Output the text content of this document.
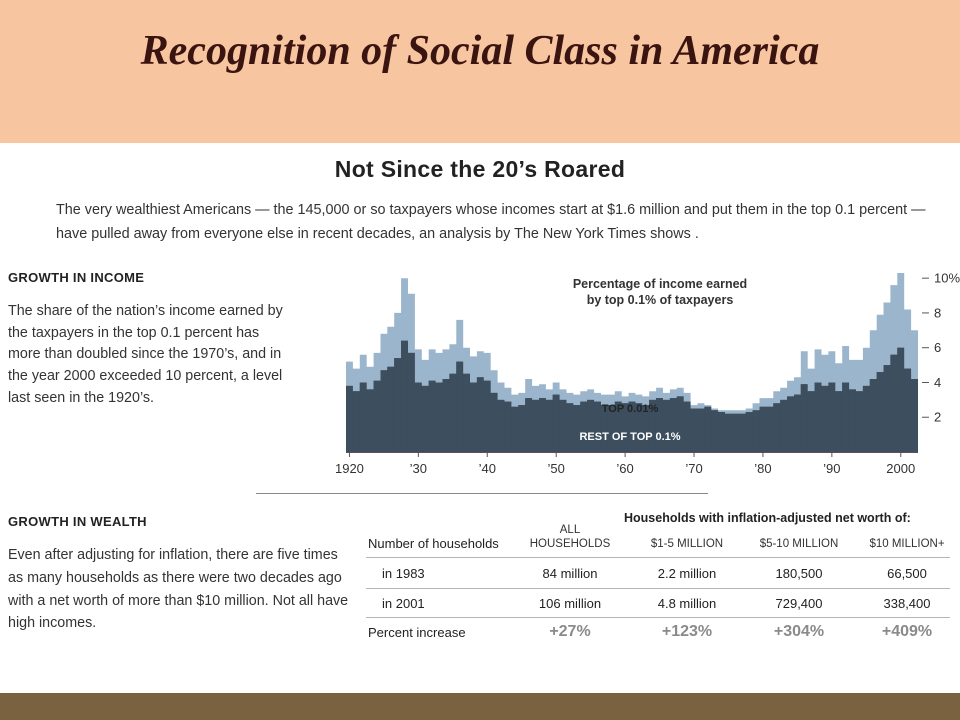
Recognition of Social Class in America
Not Since the 20’s Roared
The very wealthiest Americans — the 145,000 or so taxpayers whose incomes start at $1.6 million and put them in the top 0.1 percent — have pulled away from everyone else in recent decades, an analysis by The New York Times shows .
GROWTH IN INCOME
The share of the nation’s income earned by the taxpayers in the top 0.1 percent has more than doubled since the 1970’s, and in the year 2000 exceeded 10 percent, a level last seen in the 1920’s.
2
4
6
8
10%
1920	’30	’40	’50	’60	’70	’80	’90	2000
Percentage of income earned
by top 0.1% of taxpayers
TOP 0.01%
REST OF TOP 0.1%
GROWTH IN WEALTH
Even after adjusting for inflation, there are five times as many households as there were two decades ago with a net worth of more than $10 million. Not all have high incomes.
Households with inflation-adjusted net worth of:
Number of households
ALL
HOUSEHOLDS	$1-5 MILLION	$5-10 MILLION	$10 MILLION+
in 1983	84 million	2.2 million	180,500	66,500
in 2001	106 million	4.8 million	729,400	338,400
Percent increase	+27%	+123%	+304%	+409%
